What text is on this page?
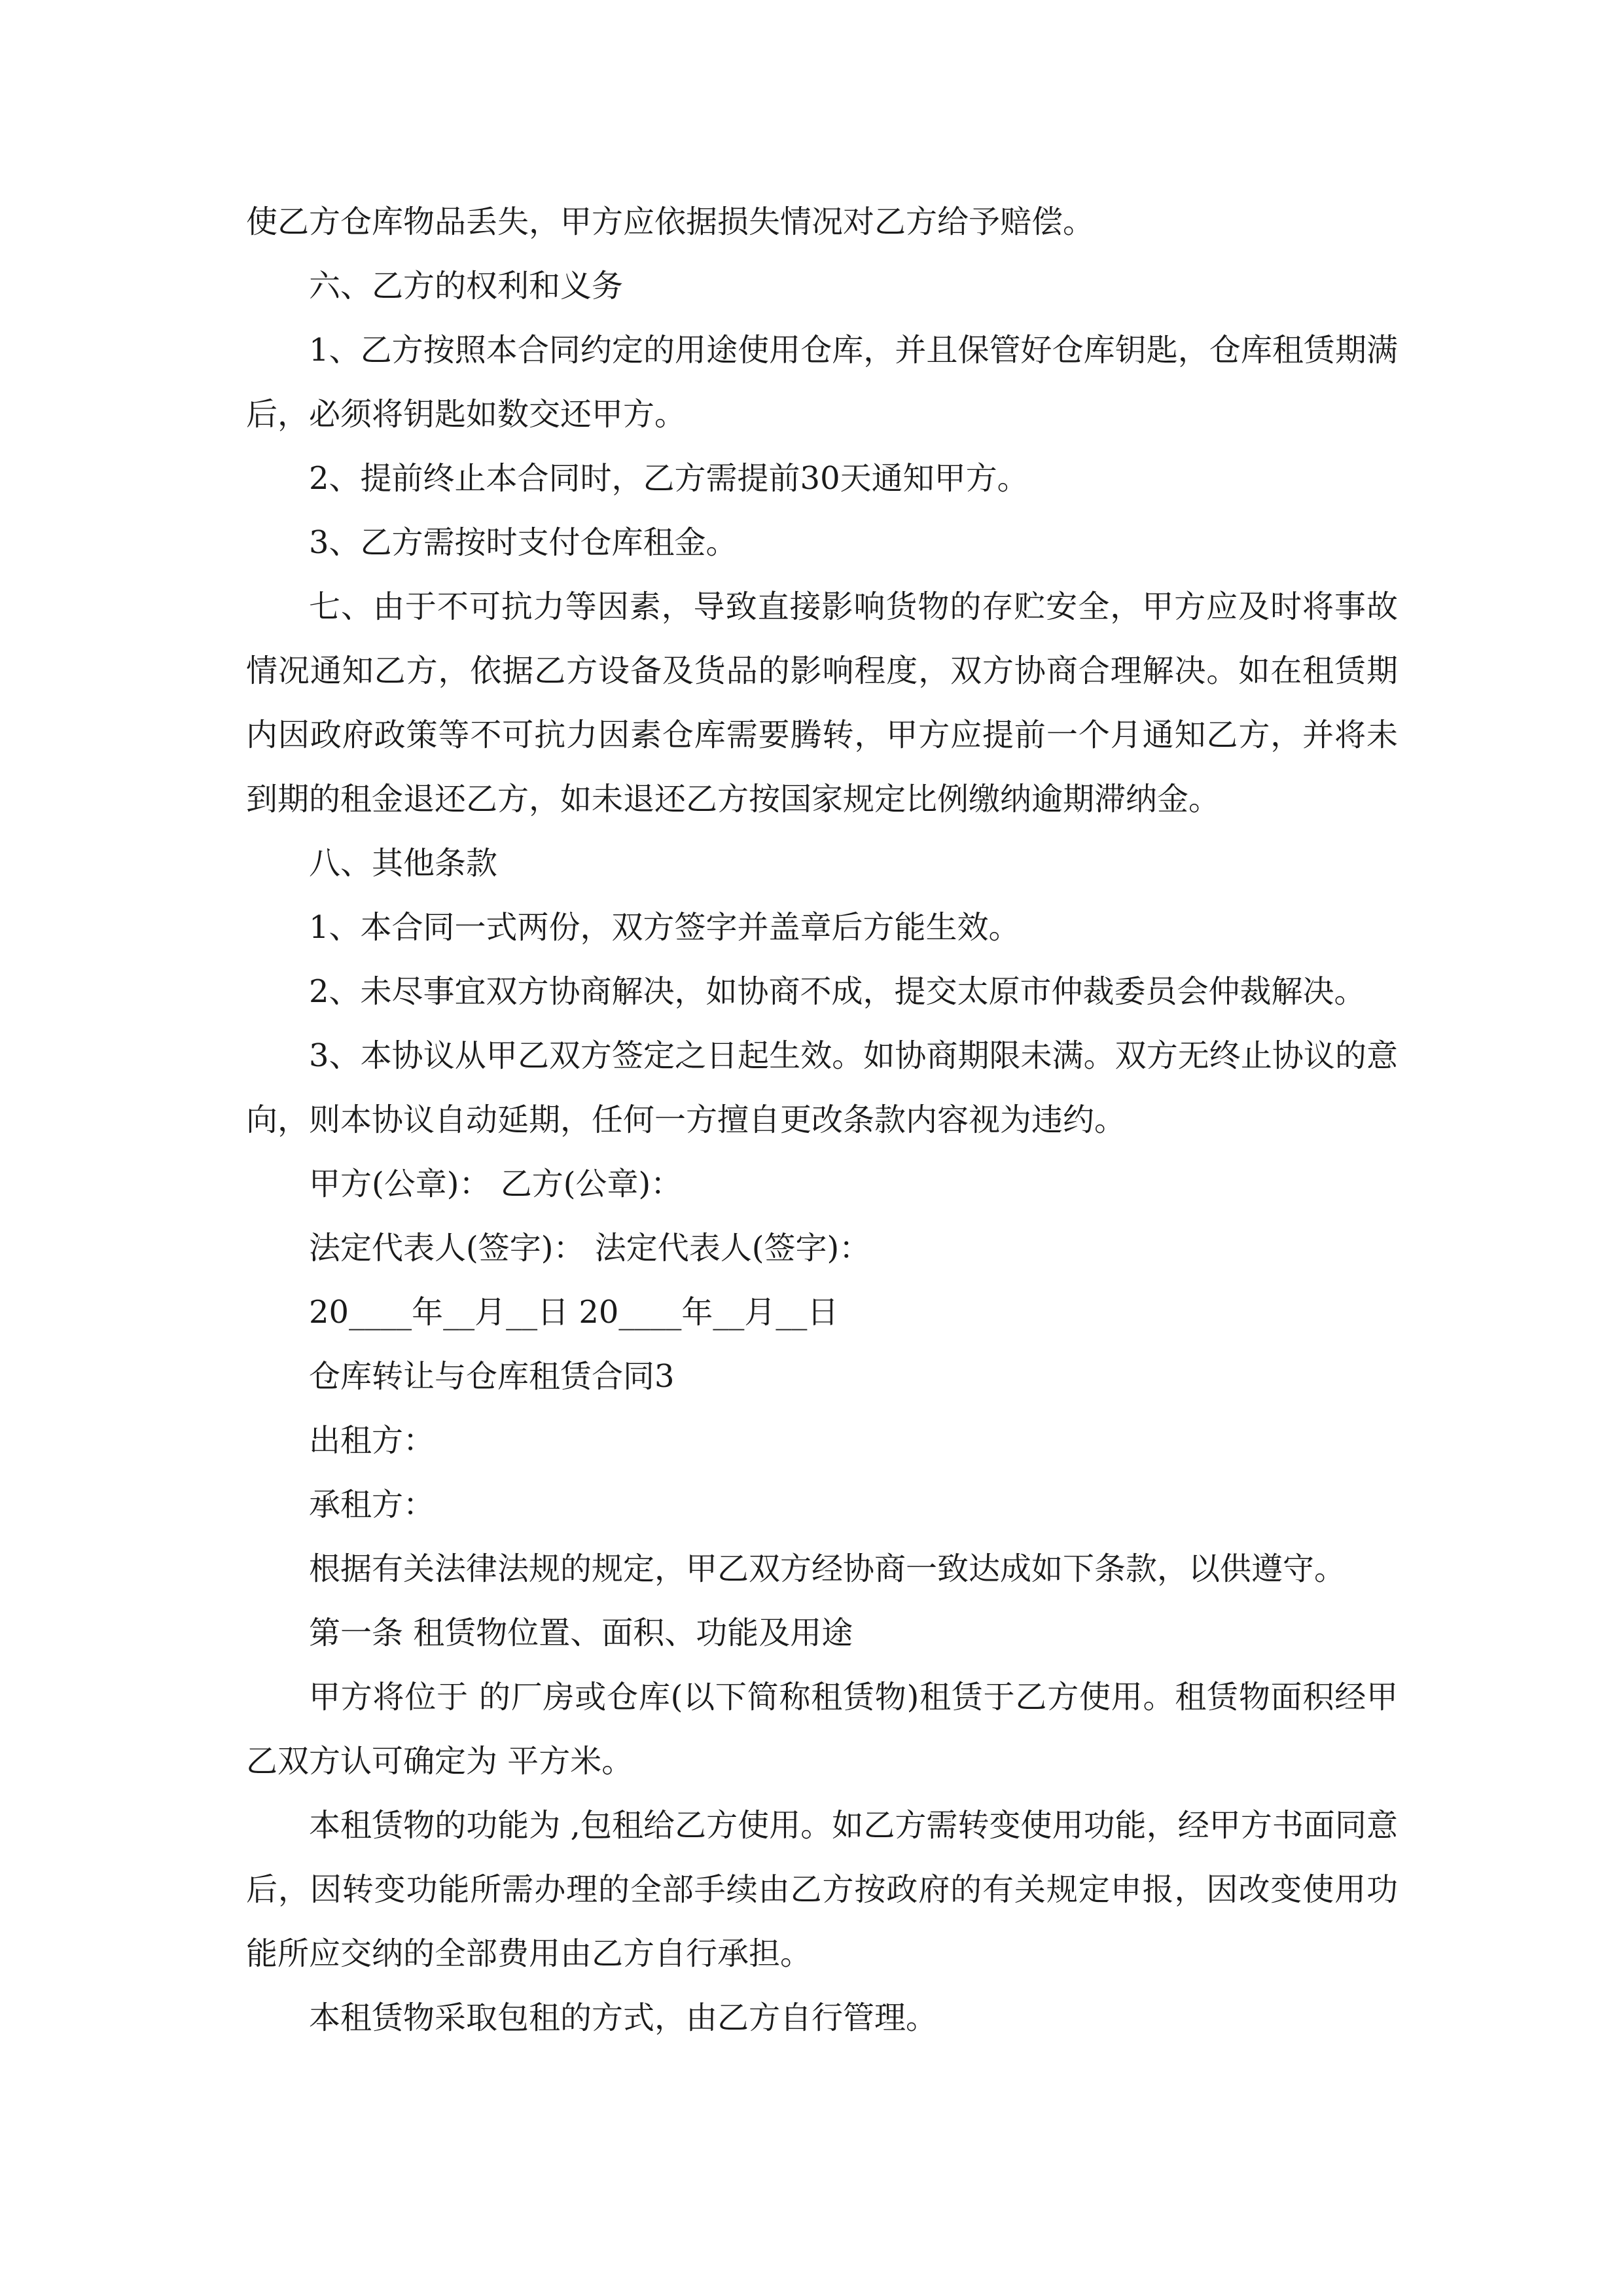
使乙方仓库物品丢失，甲方应依据损失情况对乙方给予赔偿。

六、乙方的权利和义务

1、乙方按照本合同约定的用途使用仓库，并且保管好仓库钥匙，仓库租赁期满后，必须将钥匙如数交还甲方。

2、提前终止本合同时，乙方需提前30天通知甲方。

3、乙方需按时支付仓库租金。

七、由于不可抗力等因素，导致直接影响货物的存贮安全，甲方应及时将事故情况通知乙方，依据乙方设备及货品的影响程度，双方协商合理解决。如在租赁期内因政府政策等不可抗力因素仓库需要腾转，甲方应提前一个月通知乙方，并将未到期的租金退还乙方，如未退还乙方按国家规定比例缴纳逾期滞纳金。

八、其他条款

1、本合同一式两份，双方签字并盖章后方能生效。

2、未尽事宜双方协商解决，如协商不成，提交太原市仲裁委员会仲裁解决。

3、本协议从甲乙双方签定之日起生效。如协商期限未满。双方无终止协议的意向，则本协议自动延期，任何一方擅自更改条款内容视为违约。

甲方(公章)： 乙方(公章)：

法定代表人(签字)： 法定代表人(签字)：

20____年__月__日 20____年__月__日

仓库转让与仓库租赁合同3

出租方：

承租方：

根据有关法律法规的规定，甲乙双方经协商一致达成如下条款，以供遵守。

第一条 租赁物位置、面积、功能及用途

甲方将位于 的厂房或仓库(以下简称租赁物)租赁于乙方使用。租赁物面积经甲乙双方认可确定为 平方米。

本租赁物的功能为 ,包租给乙方使用。如乙方需转变使用功能，经甲方书面同意后，因转变功能所需办理的全部手续由乙方按政府的有关规定申报，因改变使用功能所应交纳的全部费用由乙方自行承担。

本租赁物采取包租的方式，由乙方自行管理。
